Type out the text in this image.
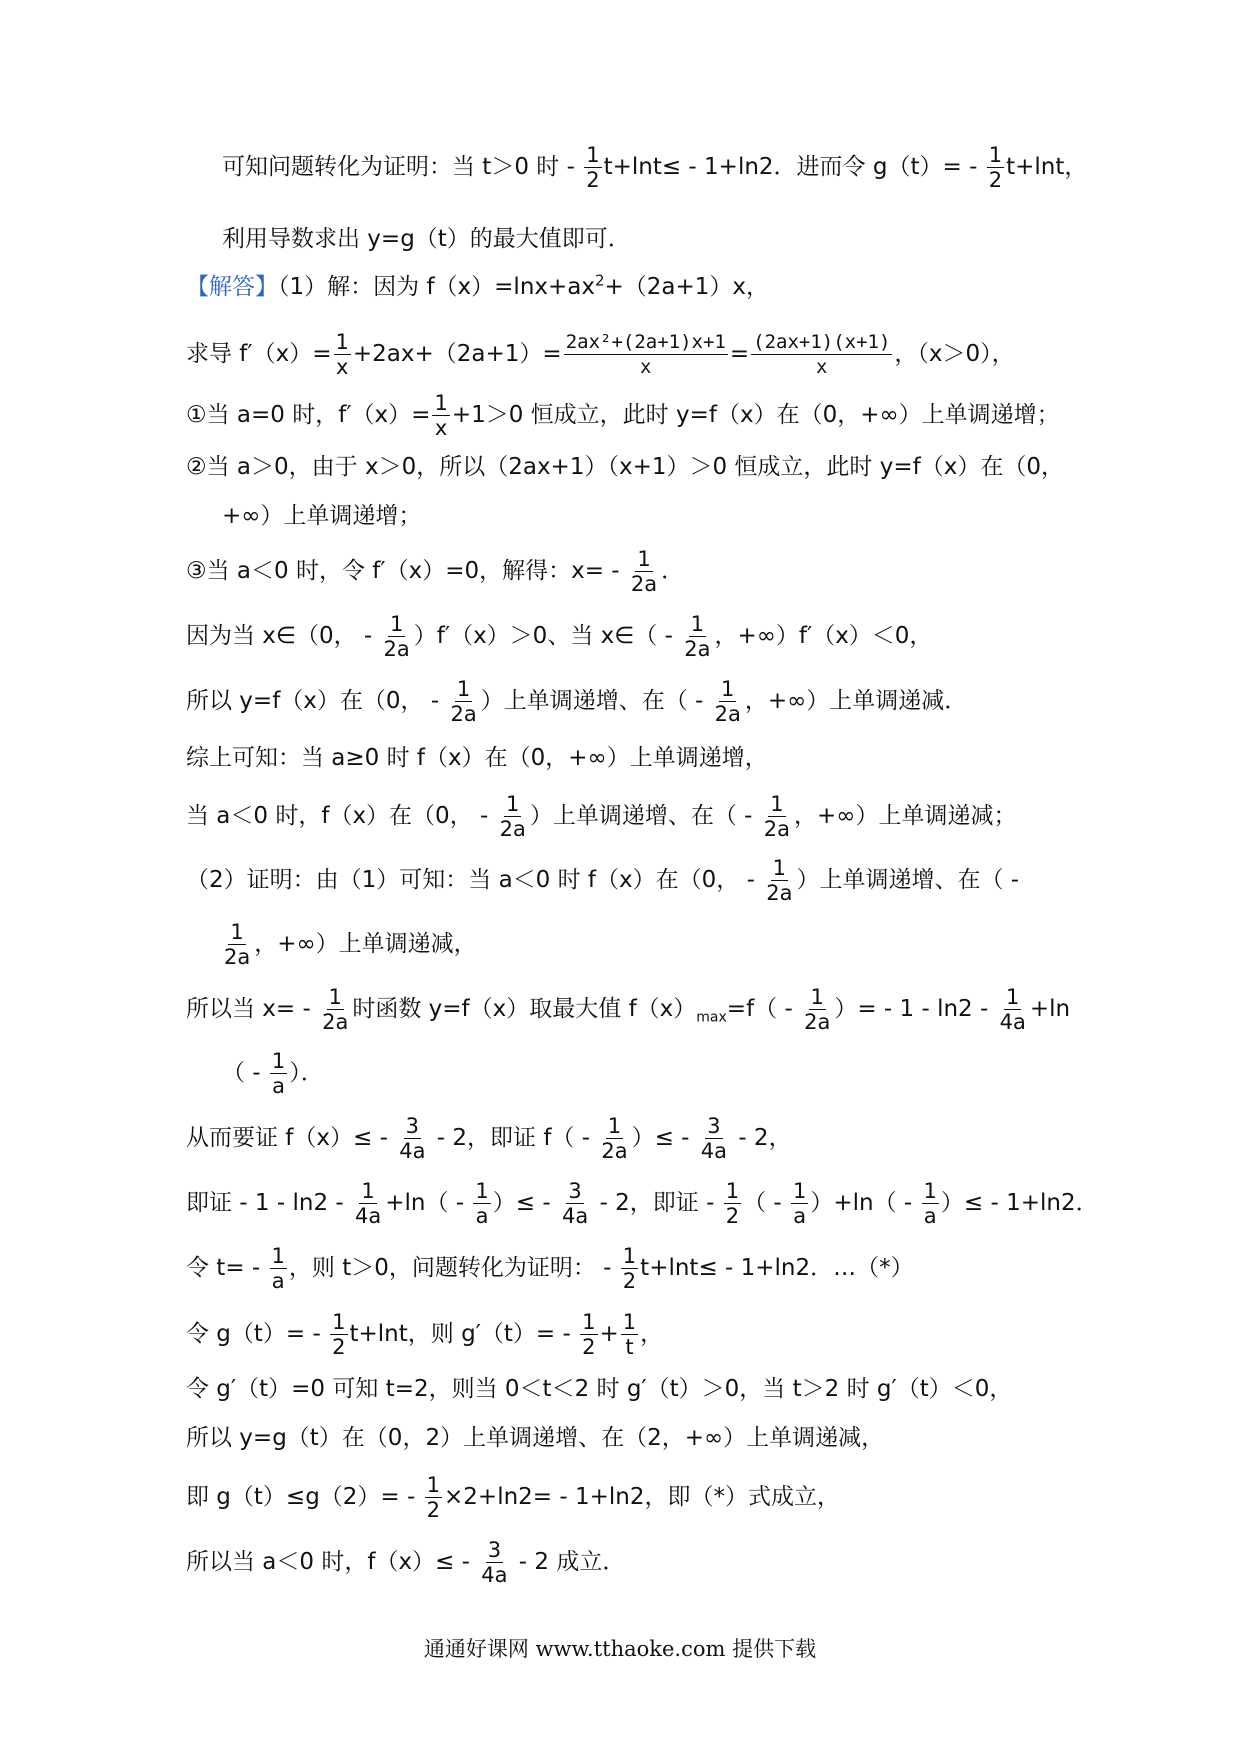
可知问题转化为证明：当 t＞0 时 - $\frac{1}{2} t+\ln t\le - 1+\ln 2$．进而令 $g(t)= - \frac{1}{2} t+\ln t$，
利用导数求出 y=g（t）的最大值即可．
【解答】（1）解：因为 $f(x)=\ln x+ax^2+(2a+1)x$，
求导 $f'(x)= \frac{1}{x} +2ax+(2a+1)= \frac{\text{2ax²+(2a+1)x+1}}{x} = \frac{(2ax+1)(x+1)}{x}$ ，（x＞0），
①当 a=0 时，$f'(x)= \frac{1}{x} +1>0$ 恒成立，此时 y=f（x）在（0，+∞）上单调递增；
②当 a＞0，由于 x＞0，所以（2ax+1）（x+1）＞0 恒成立，此时 y=f（x）在（0，
+∞）上单调递增；
③当 a＜0 时，令 f′（x）=0，解得：$x= - \frac{1}{2a}$ ．
因为当 x∈（0， - $\frac{1}{2a} )f'(x)>0$、当 x∈（ - $\frac{1}{2a}$ ，+∞）f′（x）＜0，
所以 y=f（x）在（0， - $\frac{1}{2a}$ ）上单调递增、在（ - $\frac{1}{2a}$ ，+∞）上单调递减．
综上可知：当 a≥0 时 f（x）在（0，+∞）上单调递增，
当 a＜0 时，f（x）在（0， - $\frac{1}{2a}$ ）上单调递增、在（ - $\frac{1}{2a}$ ，+∞）上单调递减；
（2）证明：由（1）可知：当 a＜0 时 f（x）在（0， - $\frac{1}{2a}$ ）上单调递增、在（ -
$\frac{1}{2a}$ ，+∞）上单调递减，
所以当 $x= - \frac{1}{2a}$ 时函数 y=f（x）取最大值 $f(x)_{max}=f( - \frac{1}{2a}$ ）= - $1 - \ln 2 - \frac{1}{4a} +\ln$
（ - $\frac{1}{a}$ ）．
从而要证 $f(x)\le - \frac{3}{4a} - 2$，即证 $f( - \frac{1}{2a}$ ）≤ - $\frac{3}{4a} - 2$，
即证 - $1 - \ln 2 - \frac{1}{4a} +\ln( - \frac{1}{a}$ ）≤ - $\frac{3}{4a} - 2$，即证 - $\frac{1}{2}$ （ - $\frac{1}{a} )+\ln( - \frac{1}{a}$ ）≤ - 1+ln2．
令 $t= - \frac{1}{a}$ ，则 t＞0，问题转化为证明： - $\frac{1}{2} t+\ln t\le - 1+\ln 2$．…（*）
令 $g(t)= - \frac{1}{2} t+\ln t$，则 $g'(t)= - \frac{1}{2} + \frac{1}{t}$ ，
令 g′（t）=0 可知 t=2，则当 0＜t＜2 时 g′（t）＞0，当 t＞2 时 g′（t）＜0，
所以 y=g（t）在（0，2）上单调递增、在（2，+∞）上单调递减，
即 $g(t)\le g(2)= - \frac{1}{2} \times 2+\ln 2= - 1+\ln 2$，即（*）式成立，
所以当 a＜0 时，$f(x)\le - \frac{3}{4a} - 2$ 成立．
通通好课网 www.tthaoke.com 提供下载
